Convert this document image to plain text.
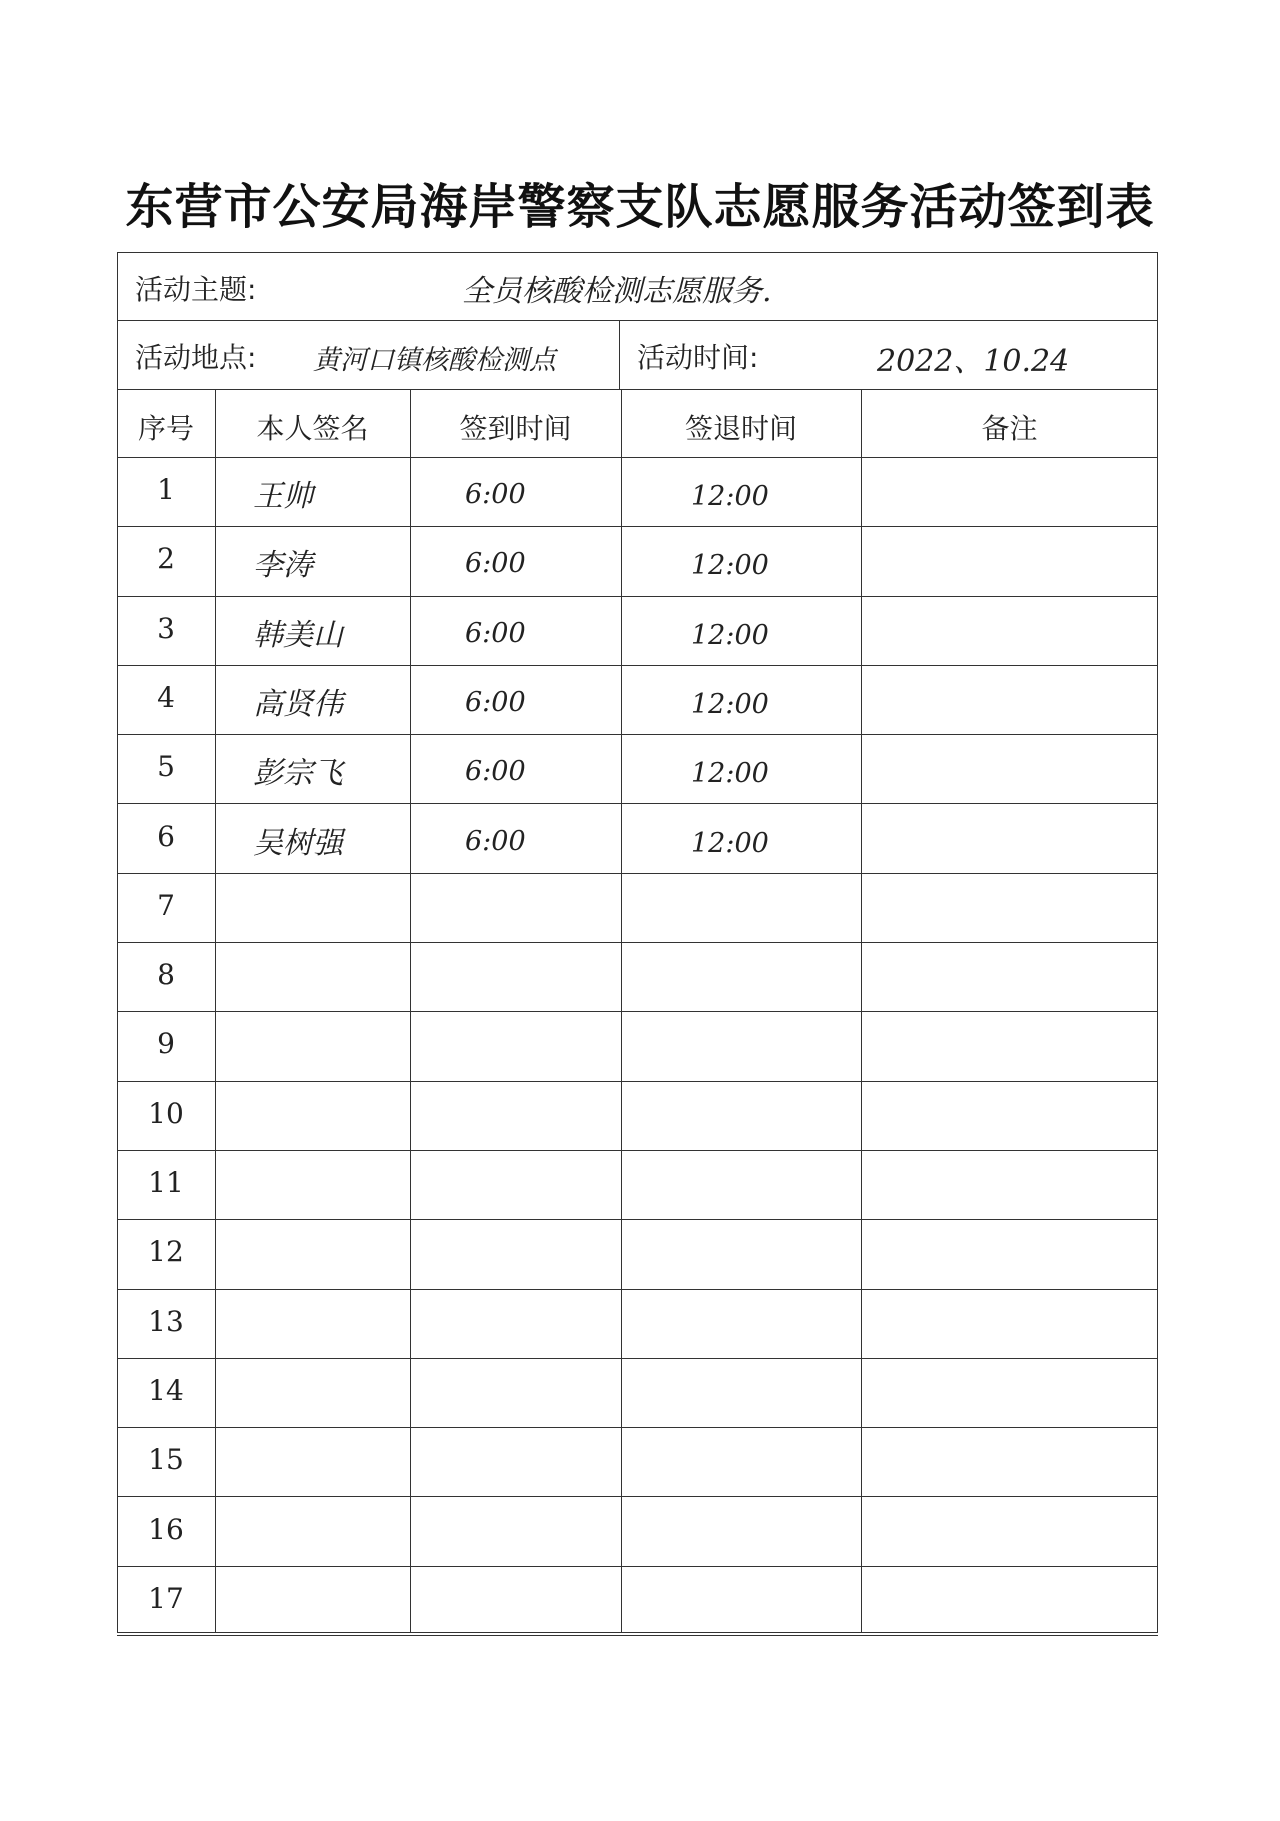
东营市公安局海岸警察支队志愿服务活动签到表
活动主题:	全员核酸检测志愿服务.
活动地点: 黄河口镇核酸检测点	活动时间:	2022、10.24
序号	本人签名	签到时间	签退时间	备注
1	王帅	6:00	12:00
2	李涛	6:00	12:00
3	韩美山	6:00	12:00
4	高贤伟	6:00	12:00
5	彭宗飞	6:00	12:00
6	吴树强	6:00	12:00
7
8
9
10
11
12
13
14
15
16
17
